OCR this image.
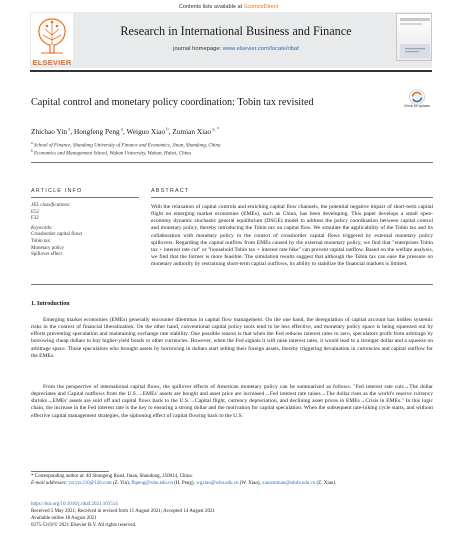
Contents lists available at ScienceDirect
ELSEVIER
Research in International Business and Finance
journal homepage: www.elsevier.com/locate/ribaf
Capital control and monetary policy coordination: Tobin tax revisited	Check for updates
Zhichao Yin $^a$, Hongfeng Peng $^a$, Weiguo Xiao $^b$, Zumian Xiao $^{a, *}$
$^a$ School of Finance, Shandong University of Finance and Economics, Jinan, Shandong, China
$^b$ Economics and Management School, Wuhan University, Wuhan, Hubei, China
ARTICLE INFO	ABSTRACT
JEL classifications:
E52
F32
Keywords:
Crossborder capital flows
Tobin tax
Monetary policy
Spillover effect
With the relaxation of capital controls and enriching capital flow channels, the potential negative impact of short-term capital flight on emerging market economies (EMEs), such as China, has been developing. This paper develops a small open-economy dynamic stochastic general equilibrium (DSGE) model to address the policy coordination between capital control and monetary policy, thereby introducing the Tobin tax on capital flow. We simulate the applicability of the Tobin tax and its collaboration with monetary policy in the context of crossborder capital flows triggered by external monetary policy spillovers. Regarding the capital outflow from EMEs caused by the external monetary policy, we find that "enterprises Tobin tax + interest rate cut" or "household Tobin tax + interest rate hike" can prevent capital outflow. Based on the welfare analysis, we find that the former is more feasible. The simulation results suggest that although the Tobin tax can ease the pressure on monetary authority by restraining short-term capital outflows, its ability to stabilize the financial markets is limited.
1. Introduction
Emerging market economies (EMEs) generally encounter dilemmas in capital flow management. On the one hand, the deregulation of capital account has hidden systemic risks in the context of financial liberalization. On the other hand, conventional capital policy tools tend to be less effective, and monetary policy space is being squeezed out by efforts preventing speculation and maintaining exchange rate stability. One possible reason is that when the Fed reduces interest rates to zero, speculators profit from arbitrage by borrowing cheap dollars to buy higher-yield bonds or other currencies. However, when the Fed signals it will raise interest rates, it would lead to a stronger dollar and a squeeze on arbitrage space. Those speculators who brought assets by borrowing in dollars start selling their foreign assets, thereby triggering devaluation in currencies and capital outflow for the EMEs.
From the perspective of international capital flows, the spillover effects of American monetary policy can be summarized as follows. "Fed interest rate cuts→The dollar depreciates and Capital outflows from the U.S.→EMEs' assets are bought and asset price are increased→Fed interest rate raises→The dollar rises as the world's reserve currency shrinks→EMEs' assets are sold off and capital flows back to the U.S.→Capital flight, currency depreciation, and declining asset prices in EMEs→Crisis in EMEs." In this logic chain, the increase in the Fed interest rate is the key to ensuring a strong dollar and the motivation for capital speculation. When the subsequent rate-hiking cycle starts, and without effective capital management strategies, the siphoning effect of capital flowing back to the U.S.
* Corresponding author at: 40 Shungeng Road, Jinan, Shandong, 250014, China.
E-mail addresses: yzcyzc210@126.com (Z. Yin), fhpeng@whu.edu.cn (H. Peng), wgxiao@whu.edu.cn (W. Xiao), xiaozumian@sdufe.edu.cn (Z. Xiao).
https://doi.org/10.1016/j.ribaf.2021.101514
Received 5 May 2021; Received in revised form 11 August 2021; Accepted 14 August 2021
Available online 18 August 2021
0275-5319/© 2021 Elsevier B.V. All rights reserved.
